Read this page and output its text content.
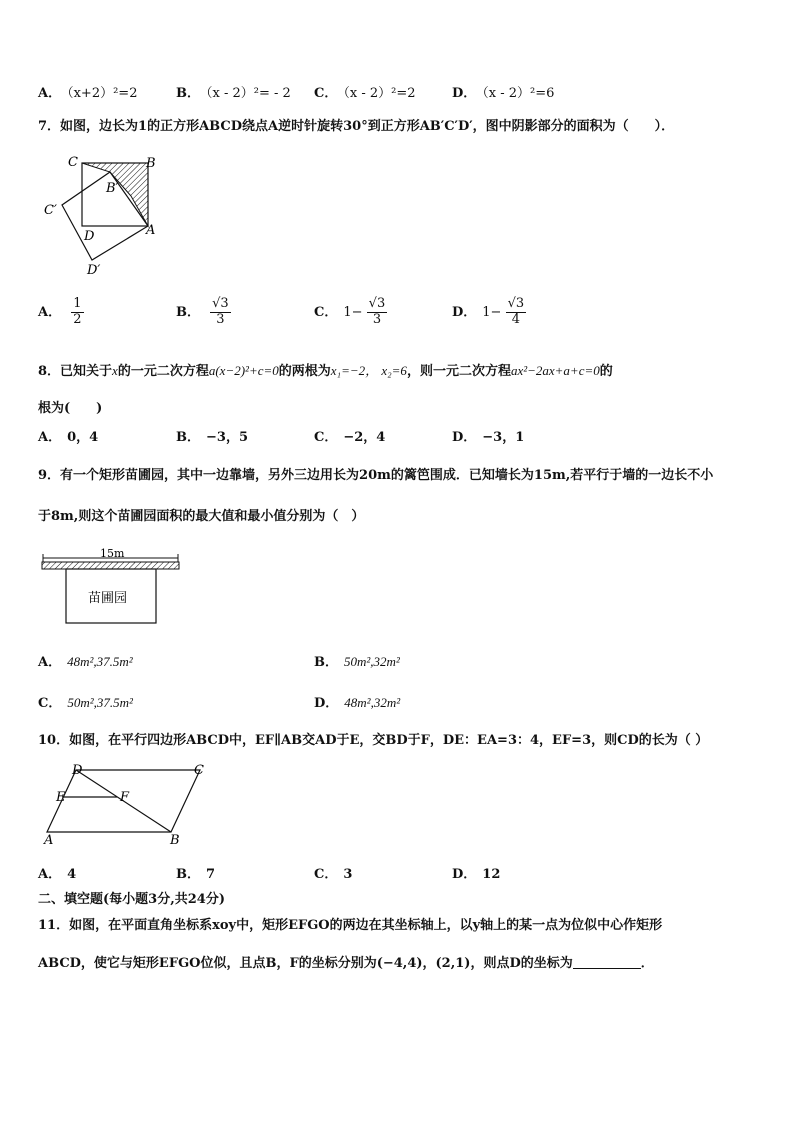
A． （x+2）²=2	B． （x - 2）²= - 2 C． （x - 2）²=2	D． （x - 2）²=6
7．如图，边长为1的正方形ABCD绕点A逆时针旋转30°到正方形AB′C′D′，图中阴影部分的面积为（　　）．
C	B
B′
C′
D	A
D′
A． $\frac{1}{2}$	B． $\frac{√3}{3}$	C． $1- \frac{√3}{3}$	D． $1- \frac{√3}{4}$
8．已知关于x的一元二次方程a(x−2)²+c=0的两根为x₁=−2， x₂=6，则一元二次方程ax²−2ax+a+c=0的
根为(　　)
A． 0，4	B． −3，5	C． −2，4	D． −3，1
9．有一个矩形苗圃园，其中一边靠墙，另外三边用长为20m的篱笆围成．已知墙长为15m,若平行于墙的一边长不小
于8m,则这个苗圃园面积的最大值和最小值分别为（　）
15m
苗圃园
A． 48m²,37.5m²	B． 50m²,32m²
C． 50m²,37.5m²	D． 48m²,32m²
10．如图，在平行四边形ABCD中，EF∥AB交AD于E，交BD于F，DE：EA=3：4，EF=3，则CD的长为（ ）
D	C
E	F
A	B
A． 4	B． 7	C． 3	D． 12
二、填空题(每小题3分,共24分)
11．如图，在平面直角坐标系xoy中，矩形EFGO的两边在其坐标轴上，以y轴上的某一点为位似中心作矩形
ABCD，使它与矩形EFGO位似，且点B，F的坐标分别为(−4,4)，(2,1)，则点D的坐标为	．
